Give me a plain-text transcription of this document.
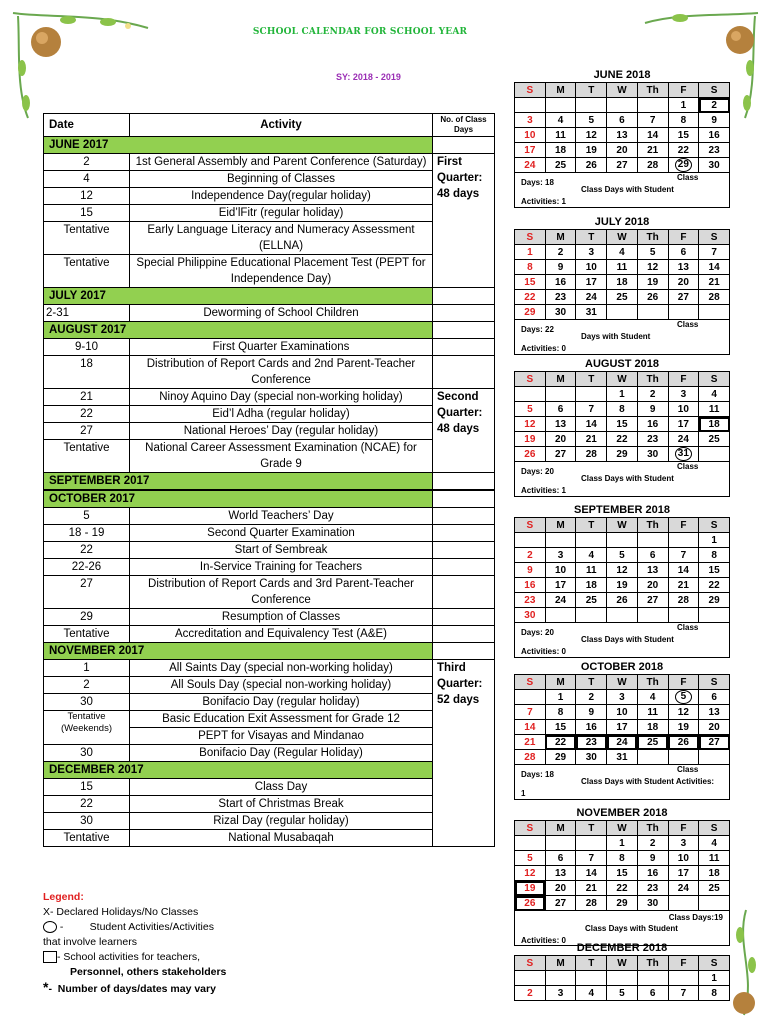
SCHOOL CALENDAR FOR SCHOOL YEAR
SY: 2018 - 2019
Date	Activity	No. of Class Days
JUNE 2017		
2	1st General Assembly and Parent Conference (Saturday)	First Quarter: 48 days
4	Beginning of Classes	
12	Independence Day(regular holiday)	
15	Eid’lFitr (regular holiday)	
Tentative	Early Language Literacy and Numeracy Assessment (ELLNA)	
Tentative	Special Philippine Educational Placement Test (PEPT for Independence Day)	
JULY 2017		
2-31	Deworming of School Children	
AUGUST 2017		
9-10	First Quarter Examinations	
18	Distribution of Report Cards and 2nd Parent-Teacher Conference	
21	Ninoy Aquino Day (special non-working holiday)	Second Quarter: 48 days
22	Eid’l Adha (regular holiday)	
27	National Heroes’ Day (regular holiday)	
Tentative	National Career Assessment Examination (NCAE) for Grade 9	
SEPTEMBER 2017		

OCTOBER 2017		
5	World Teachers’ Day	
18 - 19	Second Quarter Examination	
22	Start of Sembreak	
22-26	In-Service Training for Teachers	
27	Distribution of Report Cards and 3rd Parent-Teacher Conference	
29	Resumption of Classes	
Tentative	Accreditation and Equivalency Test (A&E)	
NOVEMBER 2017		
1	All Saints Day (special non-working holiday)	Third Quarter: 52 days
2	All Souls Day (special non-working holiday)	
30	Bonifacio Day (regular holiday)	
Tentative (Weekends)	Basic Education Exit Assessment for Grade 12	
	PEPT for Visayas and Mindanao	
30	Bonifacio Day (Regular Holiday)	
DECEMBER 2017		
15	Class Day	
22	Start of Christmas Break	
30	Rizal Day (regular holiday)	
Tentative	National Musabaqah	
Legend:
X- Declared Holidays/No Classes
-         Student Activities/Activities
that involve learners
- School activities for teachers,
Personnel, others stakeholders
*-  Number of days/dates may vary
JUNE 2018
S	M	T	W	Th	F	S
					1	2
3	4	5	6	7	8	9
10	11	12	13	14	15	16
17	18	19	20	21	22	23
24	25	26	27	28	29	30
Class
Days: 18
Class Days with Student
Activities: 1
JULY 2018
S	M	T	W	Th	F	S
1	2	3	4	5	6	7
8	9	10	11	12	13	14
15	16	17	18	19	20	21
22	23	24	25	26	27	28
29	30	31				
Class
Days: 22
Days with Student
Activities: 0
AUGUST 2018
S	M	T	W	Th	F	S
			1	2	3	4
5	6	7	8	9	10	11
12	13	14	15	16	17	18
19	20	21	22	23	24	25
26	27	28	29	30	31	
Class
Days: 20
Class Days with Student
Activities: 1
SEPTEMBER 2018
S	M	T	W	Th	F	S
						1
2	3	4	5	6	7	8
9	10	11	12	13	14	15
16	17	18	19	20	21	22
23	24	25	26	27	28	29
30						
Class
Days: 20
Class Days with Student
Activities: 0
OCTOBER 2018
S	M	T	W	Th	F	S
	1	2	3	4	5	6
7	8	9	10	11	12	13
14	15	16	17	18	19	20
21	22	23	24	25	26	27
28	29	30	31			
Class
Days: 18
Class Days with Student Activities:
1
NOVEMBER 2018
S	M	T	W	Th	F	S
			1	2	3	4
5	6	7	8	9	10	11
12	13	14	15	16	17	18
19	20	21	22	23	24	25
26	27	28	29	30		
Class Days:19
Class Days with Student
Activities: 0
DECEMBER 2018
S	M	T	W	Th	F	S
						1
2	3	4	5	6	7	8
